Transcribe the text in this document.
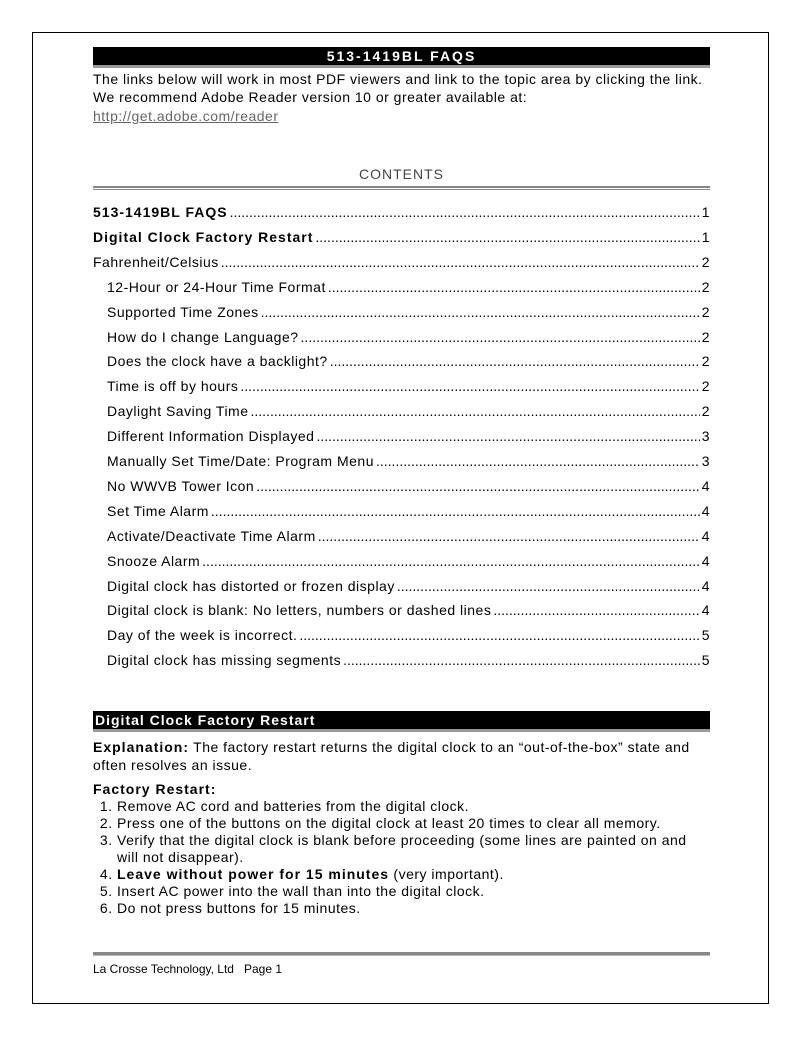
513-1419BL FAQS

The links below will work in most PDF viewers and link to the topic area by clicking the link. We recommend Adobe Reader version 10 or greater available at:

http://get.adobe.com/reader

CONTENTS
513-1419BL FAQS .....	1
Digital Clock Factory Restart .....	1
Fahrenheit/Celsius .....	2
12-Hour or 24-Hour Time Format .....	2
Supported Time Zones .....	2
How do I change Language? .....	2
Does the clock have a backlight? .....	2
Time is off by hours .....	2
Daylight Saving Time .....	2
Different Information Displayed .....	3
Manually Set Time/Date: Program Menu .....	3
No WWVB Tower Icon .....	4
Set Time Alarm .....	4
Activate/Deactivate Time Alarm .....	4
Snooze Alarm .....	4
Digital clock has distorted or frozen display .....	4
Digital clock is blank: No letters, numbers or dashed lines .....	4
Day of the week is incorrect. .....	5
Digital clock has missing segments .....	5
Digital Clock Factory Restart

Explanation: The factory restart returns the digital clock to an “out-of-the-box” state and often resolves an issue.

Factory Restart:

1. Remove AC cord and batteries from the digital clock.
2. Press one of the buttons on the digital clock at least 20 times to clear all memory.
3. Verify that the digital clock is blank before proceeding (some lines are painted on and will not disappear).
4. Leave without power for 15 minutes (very important).
5. Insert AC power into the wall than into the digital clock.
6. Do not press buttons for 15 minutes.
La Crosse Technology, Ltd   Page 1
